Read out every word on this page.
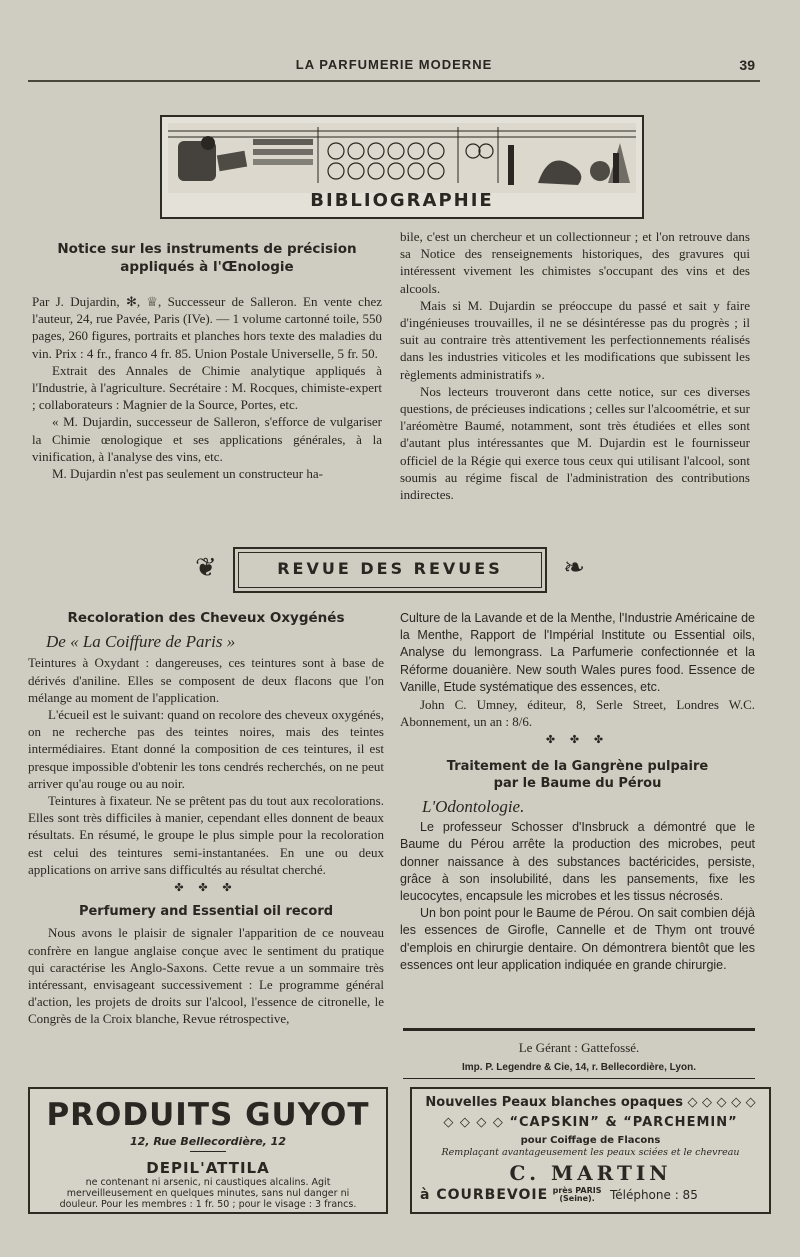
LA PARFUMERIE MODERNE	39
BIBLIOGRAPHIE
Notice sur les instruments de précision
appliqués à l'Œnologie

Par J. Dujardin, ✻, ♕, Successeur de Salleron. En vente chez l'auteur, 24, rue Pavée, Paris (IVe). — 1 volume cartonné toile, 550 pages, 260 figures, portraits et planches hors texte des maladies du vin. Prix : 4 fr., franco 4 fr. 85. Union Postale Universelle, 5 fr. 50.

Extrait des Annales de Chimie analytique appliqués à l'Industrie, à l'agriculture. Secrétaire : M. Rocques, chimiste-expert ; collaborateurs : Magnier de la Source, Portes, etc.

« M. Dujardin, successeur de Salleron, s'efforce de vulgariser la Chimie œnologique et ses applications générales, à la vinification, à l'analyse des vins, etc.

M. Dujardin n'est pas seulement un constructeur ha-

bile, c'est un chercheur et un collectionneur ; et l'on retrouve dans sa Notice des renseignements historiques, des gravures qui intéressent vivement les chimistes s'occupant des vins et des alcools.

Mais si M. Dujardin se préoccupe du passé et sait y faire d'ingénieuses trouvailles, il ne se désintéresse pas du progrès ; il suit au contraire très attentivement les perfectionnements réalisés dans les industries viticoles et les modifications que subissent les règlements administratifs ».

Nos lecteurs trouveront dans cette notice, sur ces diverses questions, de précieuses indications ; celles sur l'alcoométrie, et sur l'aréomètre Baumé, notamment, sont très étudiées et elles sont d'autant plus intéressantes que M. Dujardin est le fournisseur officiel de la Régie qui exerce tous ceux qui utilisant l'alcool, sont soumis au régime fiscal de l'administration des contributions indirectes.

❦	REVUE DES REVUES	❧
Recoloration des Cheveux Oxygénés
De « La Coiffure de Paris »

Teintures à Oxydant : dangereuses, ces teintures sont à base de dérivés d'aniline. Elles se composent de deux flacons que l'on mélange au moment de l'application.

L'écueil est le suivant: quand on recolore des cheveux oxygénés, on ne recherche pas des teintes noires, mais des teintes intermédiaires. Etant donné la composition de ces teintures, il est presque impossible d'obtenir les tons cendrés recherchés, on ne peut arriver qu'au rouge ou au noir.

Teintures à fixateur. Ne se prêtent pas du tout aux recolorations. Elles sont très difficiles à manier, cependant elles donnent de beaux résultats. En résumé, le groupe le plus simple pour la recoloration est celui des teintures semi-instantanées. En une ou deux applications on arrive sans difficultés au résultat cherché.

✤ ✤ ✤
Perfumery and Essential oil record

Nous avons le plaisir de signaler l'apparition de ce nouveau confrère en langue anglaise conçue avec le sentiment du pratique qui caractérise les Anglo-Saxons. Cette revue a un sommaire très intéressant, envisageant successivement : Le programme général d'action, les projets de droits sur l'alcool, l'essence de citronelle, le Congrès de la Croix blanche, Revue rétrospective,

Culture de la Lavande et de la Menthe, l'Industrie Américaine de la Menthe, Rapport de l'Impérial Institute ou Essential oils, Analyse du lemongrass. La Parfumerie confectionnée et la Réforme douanière. New south Wales pures food. Essence de Vanille, Etude systématique des essences, etc.

John C. Umney, éditeur, 8, Serle Street, Londres W.C. Abonnement, un an : 8/6.

✤ ✤ ✤
Traitement de la Gangrène pulpaire
par le Baume du Pérou
L'Odontologie.

Le professeur Schosser d'Insbruck a démontré que le Baume du Pérou arrête la production des microbes, peut donner naissance à des substances bactéricides, persiste, grâce à son insolubilité, dans les pansements, fixe les leucocytes, encapsule les microbes et les tissus nécrosés.

Un bon point pour le Baume de Pérou. On sait combien déjà les essences de Girofle, Cannelle et de Thym ont trouvé d'emplois en chirurgie dentaire. On démontrera bientôt que les essences ont leur application indiquée en grande chirurgie.

Le Gérant : Gattefossé.
Imp. P. Legendre & Cie, 14, r. Bellecordière, Lyon.
PRODUITS GUYOT
12, Rue Bellecordière, 12
DEPIL'ATTILA
ne contenant ni arsenic, ni caustiques alcalins. Agit merveilleusement en quelques minutes, sans nul danger ni douleur. Pour les membres : 1 fr. 50 ; pour le visage : 3 francs.
Nouvelles Peaux blanches opaques ◇ ◇ ◇ ◇ ◇
◇ ◇ ◇ ◇ “CAPSKIN” & “PARCHEMIN”
pour Coiffage de Flacons
Remplaçant avantageusement les peaux sciées et le chevreau
C. MARTIN
à COURBEVOIE près PARIS
(Seine). Téléphone : 85
